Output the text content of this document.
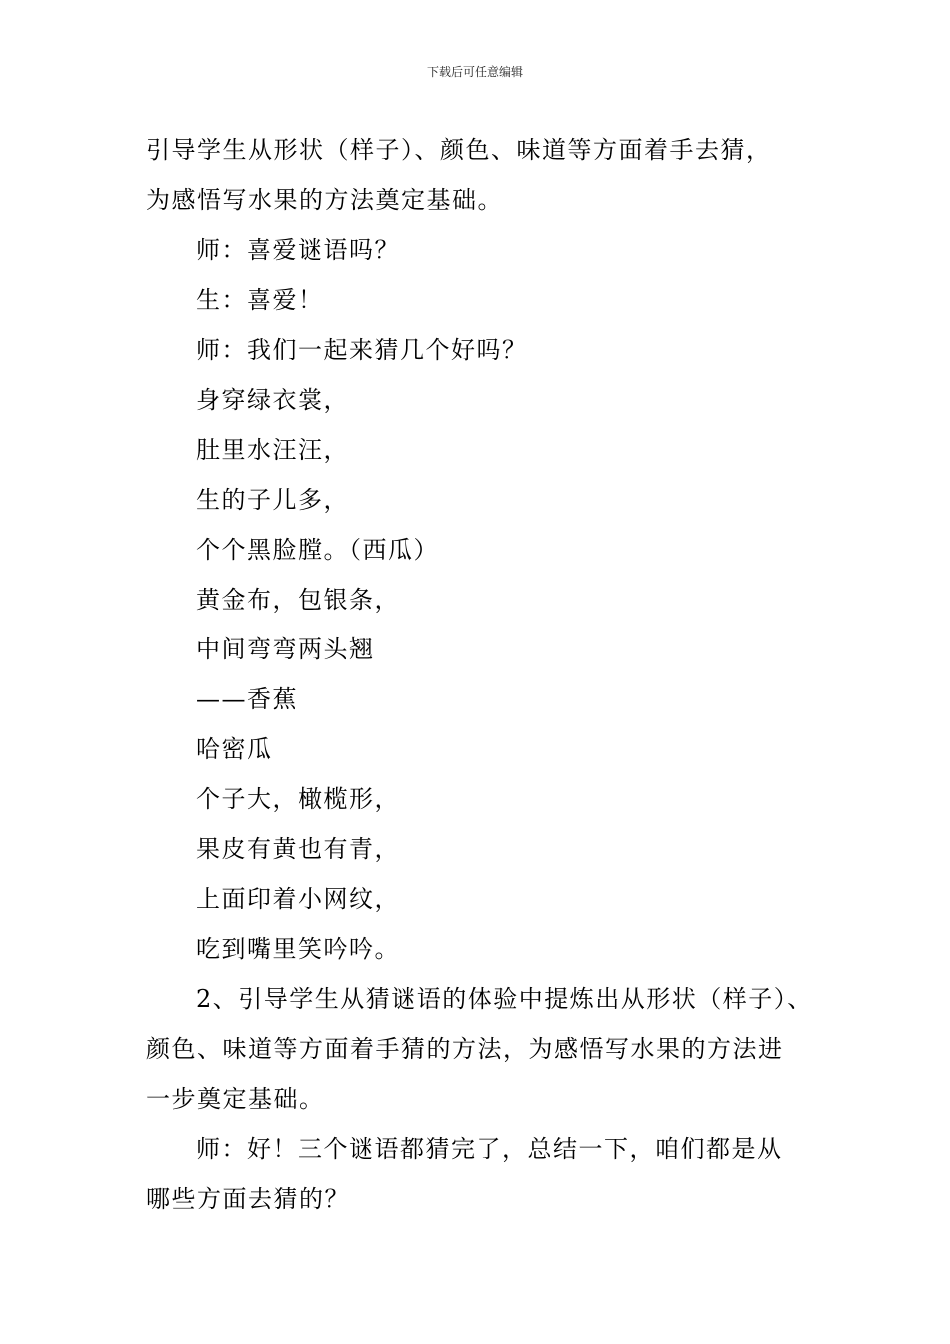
下载后可任意编辑
引导学生从形状（样子）、颜色、味道等方面着手去猜，
为感悟写水果的方法奠定基础。
师：喜爱谜语吗？
生：喜爱！
师：我们一起来猜几个好吗？
身穿绿衣裳，
肚里水汪汪，
生的子儿多，
个个黑脸膛。（西瓜）
黄金布，包银条，
中间弯弯两头翘
——香蕉
哈密瓜
个子大，橄榄形，
果皮有黄也有青，
上面印着小网纹，
吃到嘴里笑吟吟。
2、引导学生从猜谜语的体验中提炼出从形状（样子）、
颜色、味道等方面着手猜的方法，为感悟写水果的方法进
一步奠定基础。
师：好！三个谜语都猜完了，总结一下，咱们都是从
哪些方面去猜的？
